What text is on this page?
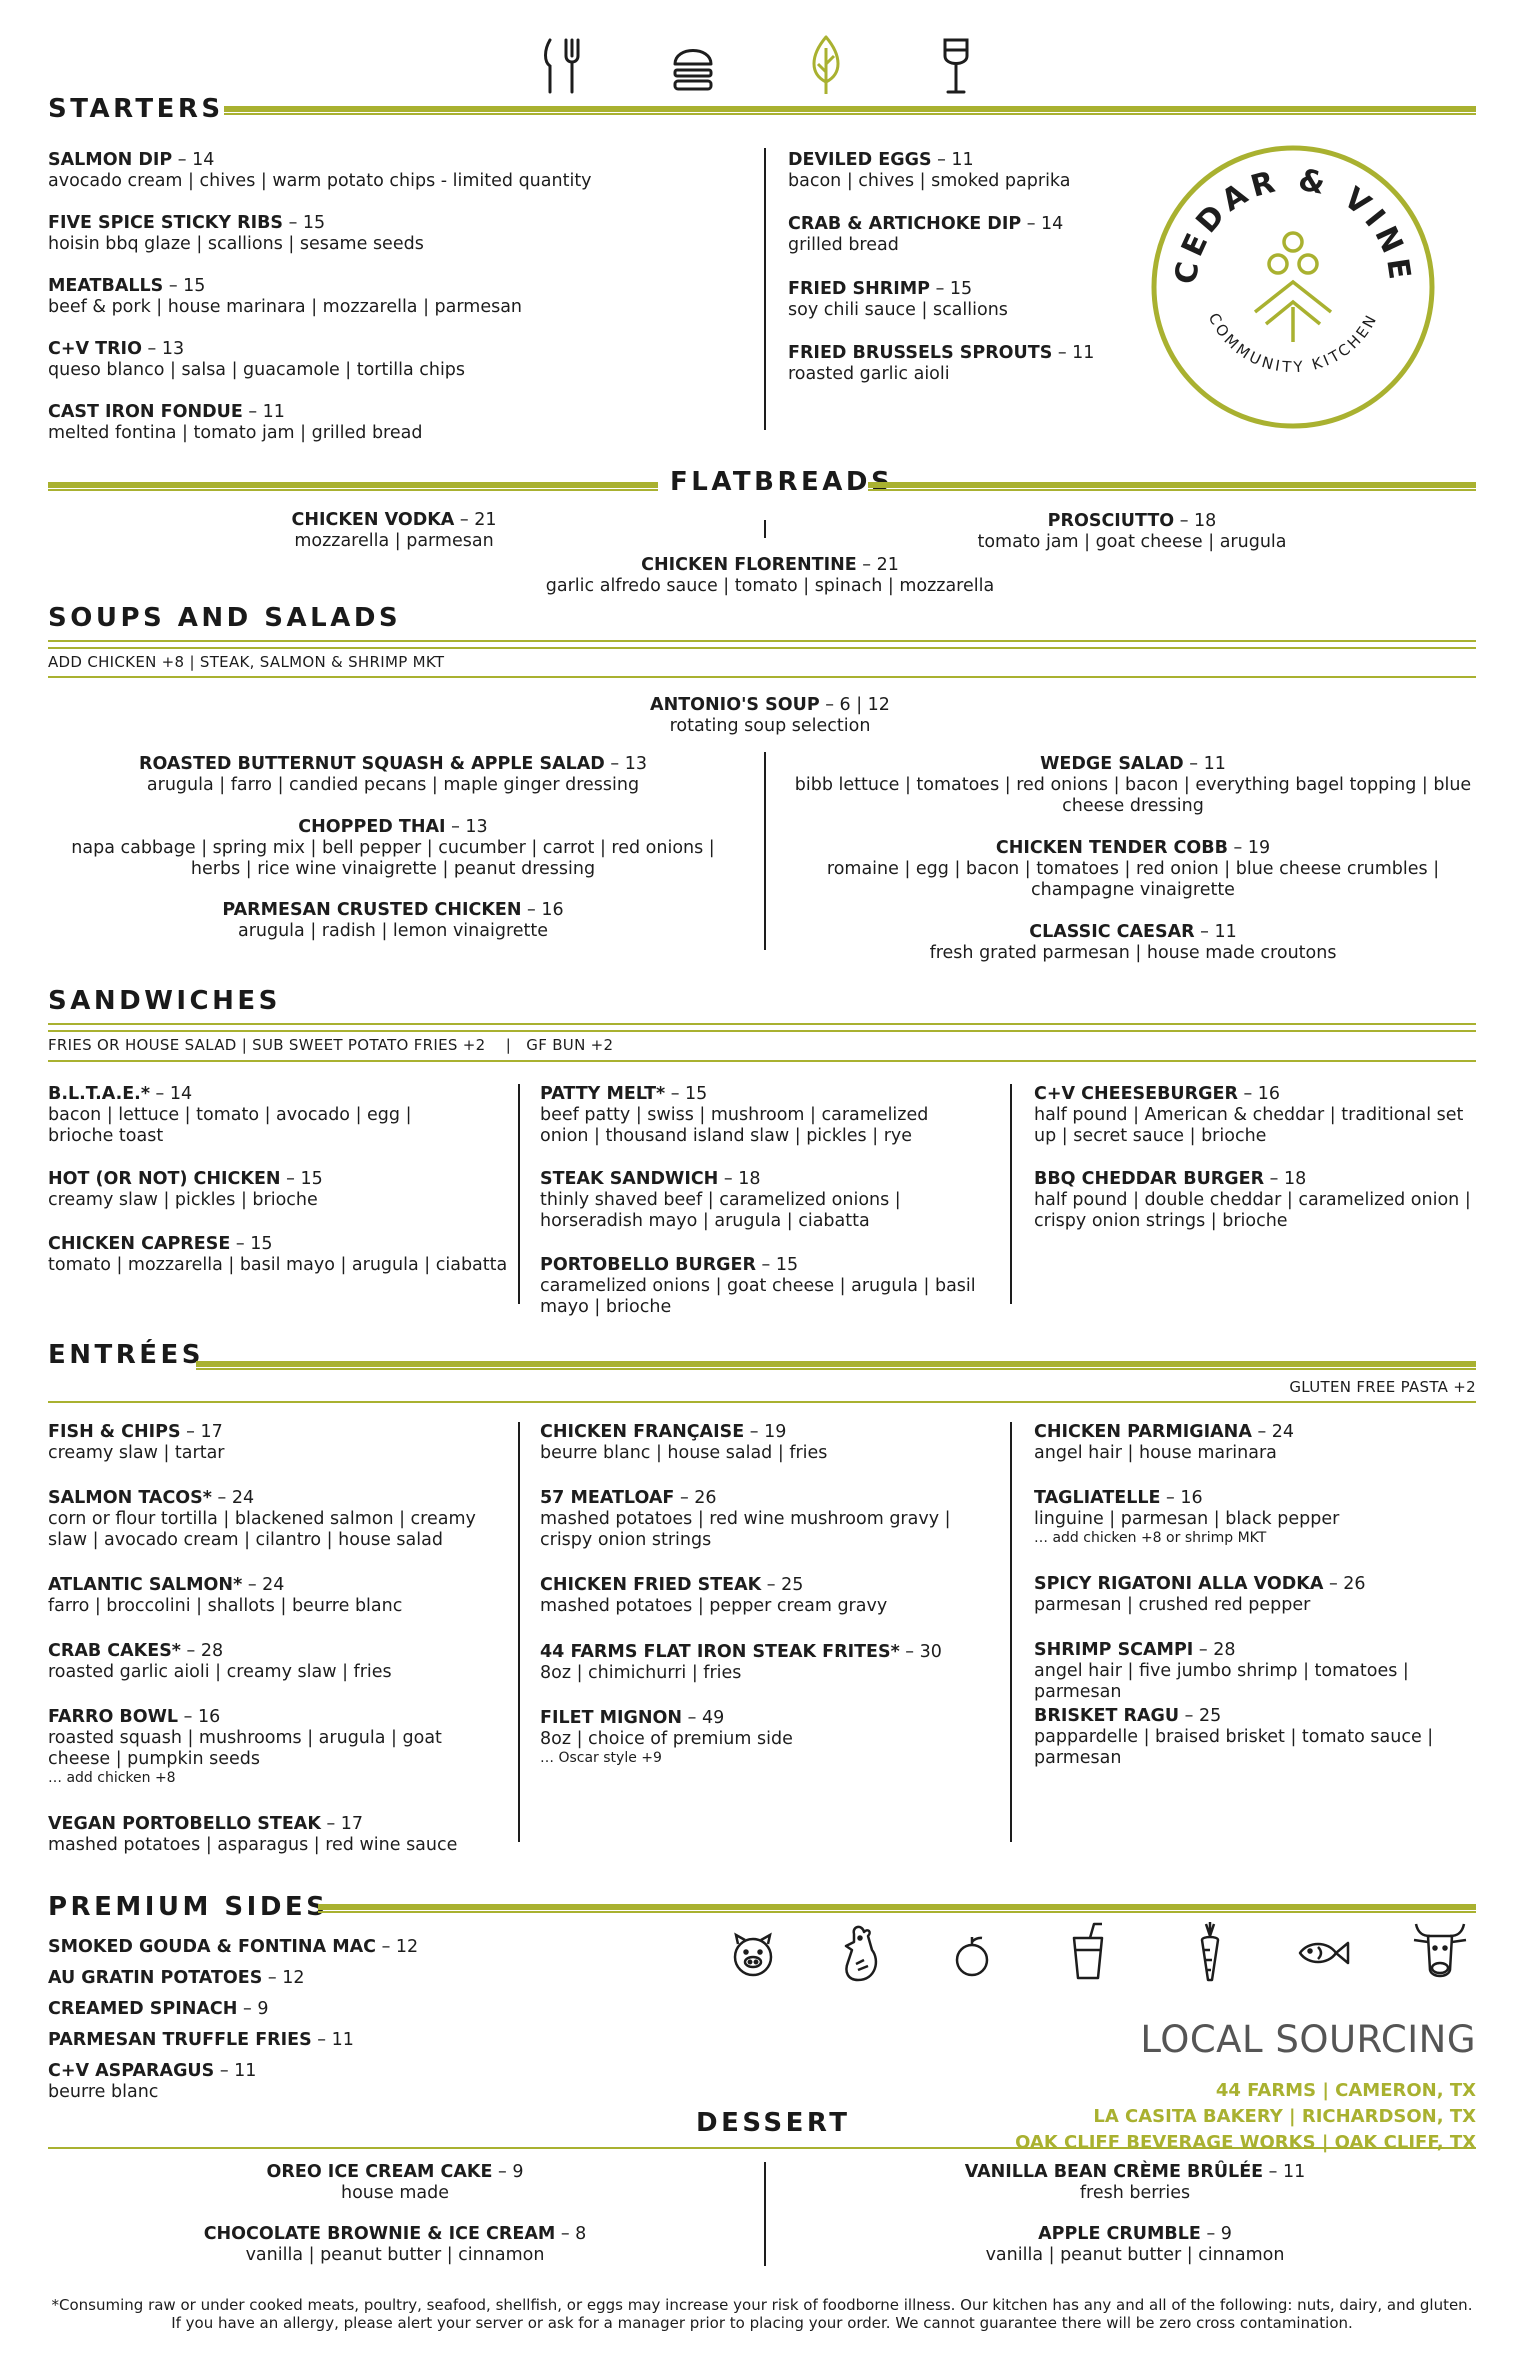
STARTERS
SALMON DIP – 14
avocado cream | chives | warm potato chips - limited quantity
FIVE SPICE STICKY RIBS – 15
hoisin bbq glaze | scallions | sesame seeds
MEATBALLS – 15
beef & pork | house marinara | mozzarella | parmesan
C+V TRIO – 13
queso blanco | salsa | guacamole | tortilla chips
CAST IRON FONDUE – 11
melted fontina | tomato jam | grilled bread
DEVILED EGGS – 11
bacon | chives | smoked paprika
CRAB & ARTICHOKE DIP – 14
grilled bread
FRIED SHRIMP – 15
soy chili sauce | scallions
FRIED BRUSSELS SPROUTS – 11
roasted garlic aioli
CEDAR & VINE
COMMUNITY KITCHEN
FLATBREADS
CHICKEN VODKA – 21
mozzarella | parmesan
CHICKEN FLORENTINE – 21
garlic alfredo sauce | tomato | spinach | mozzarella
PROSCIUTTO – 18
tomato jam | goat cheese | arugula
SOUPS AND SALADS
ADD CHICKEN +8 | STEAK, SALMON & SHRIMP MKT
ANTONIO'S SOUP – 6 | 12
rotating soup selection
ROASTED BUTTERNUT SQUASH & APPLE SALAD – 13
arugula | farro | candied pecans | maple ginger dressing
CHOPPED THAI – 13
napa cabbage | spring mix | bell pepper | cucumber | carrot | red onions | herbs | rice wine vinaigrette | peanut dressing
PARMESAN CRUSTED CHICKEN – 16
arugula | radish | lemon vinaigrette
WEDGE SALAD – 11
bibb lettuce | tomatoes | red onions | bacon | everything bagel topping | blue cheese dressing
CHICKEN TENDER COBB – 19
romaine | egg | bacon | tomatoes | red onion | blue cheese crumbles | champagne vinaigrette
CLASSIC CAESAR – 11
fresh grated parmesan | house made croutons
SANDWICHES
FRIES OR HOUSE SALAD | SUB SWEET POTATO FRIES +2    |   GF BUN +2
B.L.T.A.E.* – 14
bacon | lettuce | tomato | avocado | egg | brioche toast
HOT (OR NOT) CHICKEN – 15
creamy slaw | pickles | brioche
CHICKEN CAPRESE – 15
tomato | mozzarella | basil mayo | arugula | ciabatta
PATTY MELT* – 15
beef patty | swiss | mushroom | caramelized onion | thousand island slaw | pickles | rye
STEAK SANDWICH – 18
thinly shaved beef | caramelized onions | horseradish mayo | arugula | ciabatta
PORTOBELLO BURGER – 15
caramelized onions | goat cheese | arugula | basil mayo | brioche
C+V CHEESEBURGER – 16
half pound | American & cheddar | traditional set up | secret sauce | brioche
BBQ CHEDDAR BURGER – 18
half pound | double cheddar | caramelized onion | crispy onion strings | brioche
ENTRÉES
GLUTEN FREE PASTA +2
FISH & CHIPS – 17
creamy slaw | tartar
SALMON TACOS* – 24
corn or flour tortilla | blackened salmon | creamy slaw | avocado cream | cilantro | house salad
ATLANTIC SALMON* – 24
farro | broccolini | shallots | beurre blanc
CRAB CAKES* – 28
roasted garlic aioli | creamy slaw | fries
FARRO BOWL – 16
roasted squash | mushrooms | arugula | goat cheese | pumpkin seeds
… add chicken +8
VEGAN PORTOBELLO STEAK – 17
mashed potatoes | asparagus | red wine sauce
CHICKEN FRANÇAISE – 19
beurre blanc | house salad | fries
57 MEATLOAF – 26
mashed potatoes | red wine mushroom gravy | crispy onion strings
CHICKEN FRIED STEAK – 25
mashed potatoes | pepper cream gravy
44 FARMS FLAT IRON STEAK FRITES* – 30
8oz | chimichurri | fries
FILET MIGNON – 49
8oz | choice of premium side
… Oscar style +9
CHICKEN PARMIGIANA – 24
angel hair | house marinara
TAGLIATELLE – 16
linguine | parmesan | black pepper
… add chicken +8 or shrimp MKT
SPICY RIGATONI ALLA VODKA – 26
parmesan | crushed red pepper
SHRIMP SCAMPI – 28
angel hair | five jumbo shrimp | tomatoes | parmesan
BRISKET RAGU – 25
pappardelle | braised brisket | tomato sauce | parmesan
PREMIUM SIDES
SMOKED GOUDA & FONTINA MAC – 12
AU GRATIN POTATOES – 12
CREAMED SPINACH – 9
PARMESAN TRUFFLE FRIES – 11
C+V ASPARAGUS – 11
beurre blanc
LOCAL SOURCING
44 FARMS | CAMERON, TX
LA CASITA BAKERY | RICHARDSON, TX
OAK CLIFF BEVERAGE WORKS | OAK CLIFF, TX
DESSERT
OREO ICE CREAM CAKE – 9
house made
CHOCOLATE BROWNIE & ICE CREAM – 8
vanilla | peanut butter | cinnamon
VANILLA BEAN CRÈME BRÛLÉE – 11
fresh berries
APPLE CRUMBLE – 9
vanilla | peanut butter | cinnamon
*Consuming raw or under cooked meats, poultry, seafood, shellfish, or eggs may increase your risk of foodborne illness. Our kitchen has any and all of the following: nuts, dairy, and gluten. If you have an allergy, please alert your server or ask for a manager prior to placing your order. We cannot guarantee there will be zero cross contamination.
